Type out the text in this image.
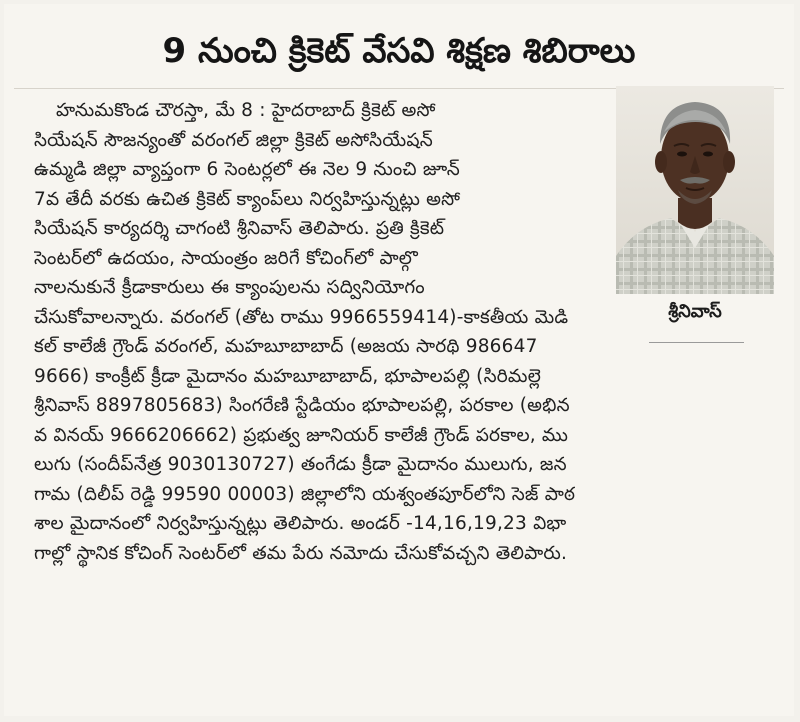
9 నుంచి క్రికెట్ వేసవి శిక్షణ శిబిరాలు
హనుమకొండ చౌరస్తా, మే 8 : హైదరాబాద్ క్రికెట్ అసో
సియేషన్ సౌజన్యంతో వరంగల్ జిల్లా క్రికెట్ అసోసియేషన్
ఉమ్మడి జిల్లా వ్యాప్తంగా 6 సెంటర్లలో ఈ నెల 9 నుంచి జూన్
7వ తేదీ వరకు ఉచిత క్రికెట్ క్యాంప్‌లు నిర్వహిస్తున్నట్లు అసో
సియేషన్ కార్యదర్శి చాగంటి శ్రీనివాస్ తెలిపారు. ప్రతి క్రికెట్
సెంటర్‌లో ఉదయం, సాయంత్రం జరిగే కోచింగ్‌లో పాల్గొ
నాలనుకునే క్రీడాకారులు ఈ క్యాంపులను సద్వినియోగం
చేసుకోవాలన్నారు. వరంగల్ (తోట రాము 9966559414)-కాకతీయ మెడి
కల్ కాలేజీ గ్రౌండ్ వరంగల్, మహబూబాబాద్ (అజయ సారథి 986647
9666) కాంక్రీట్ క్రీడా మైదానం మహబూబాబాద్, భూపాలపల్లి (సిరిమల్లె
శ్రీనివాస్ 8897805683) సింగరేణి స్టేడియం భూపాలపల్లి, పరకాల (అభిన
వ వినయ్ 9666206662) ప్రభుత్వ జూనియర్ కాలేజీ గ్రౌండ్ పరకాల, ము
లుగు (సందీప్‌నేత్ర 9030130727) తంగేడు క్రీడా మైదానం ములుగు, జన
గామ (దిలీప్ రెడ్డి 99590 00003) జిల్లాలోని యశ్వంతపూర్‌లోని సెజ్ పాఠ
శాల మైదానంలో నిర్వహిస్తున్నట్లు తెలిపారు. అండర్ -14,16,19,23 విభా
గాల్లో స్థానిక కోచింగ్ సెంటర్‌లో తమ పేరు నమోదు చేసుకోవచ్చని తెలిపారు.
శ్రీనివాస్
